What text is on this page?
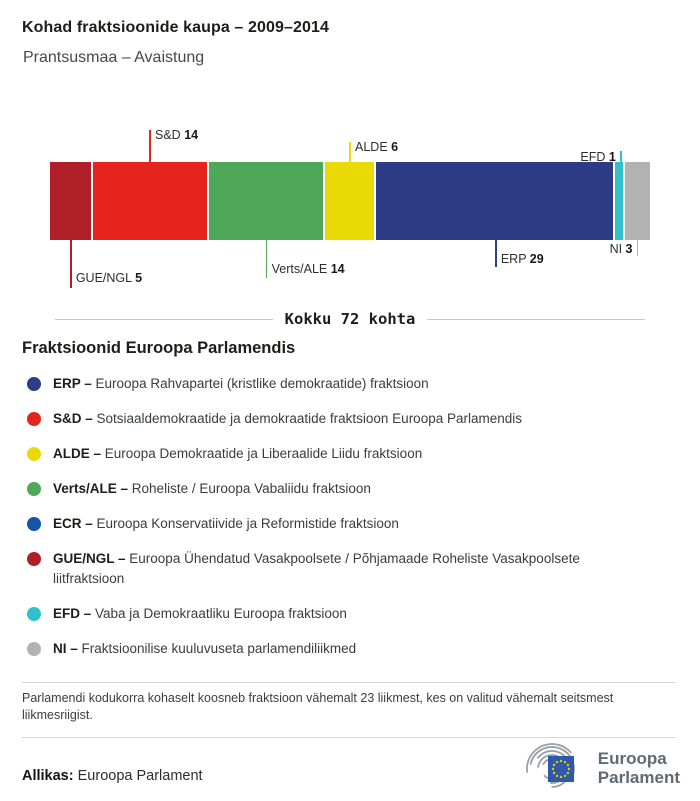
Kohad fraktsioonide kaupa – 2009–2014
Prantsusmaa – Avaistung
GUE/NGL 5
S&D 14
Verts/ALE 14
ALDE 6
ERP 29
EFD 1
NI 3
Kokku 72 kohta
Fraktsioonid Euroopa Parlamendis
ERP – Euroopa Rahvapartei (kristlike demokraatide) fraktsioon
S&D – Sotsiaaldemokraatide ja demokraatide fraktsioon Euroopa Parlamendis
ALDE – Euroopa Demokraatide ja Liberaalide Liidu fraktsioon
Verts/ALE – Roheliste / Euroopa Vabaliidu fraktsioon
ECR – Euroopa Konservatiivide ja Reformistide fraktsioon
GUE/NGL – Euroopa Ühendatud Vasakpoolsete / Põhjamaade Roheliste Vasakpoolsete liitfraktsioon
EFD – Vaba ja Demokraatliku Euroopa fraktsioon
NI – Fraktsioonilise kuuluvuseta parlamendiliikmed

Parlamendi kodukorra kohaselt koosneb fraktsioon vähemalt 23 liikmest, kes on valitud vähemalt seitsmest liikmesriigist.

Allikas: Euroopa Parlament
Euroopa
Parlament
